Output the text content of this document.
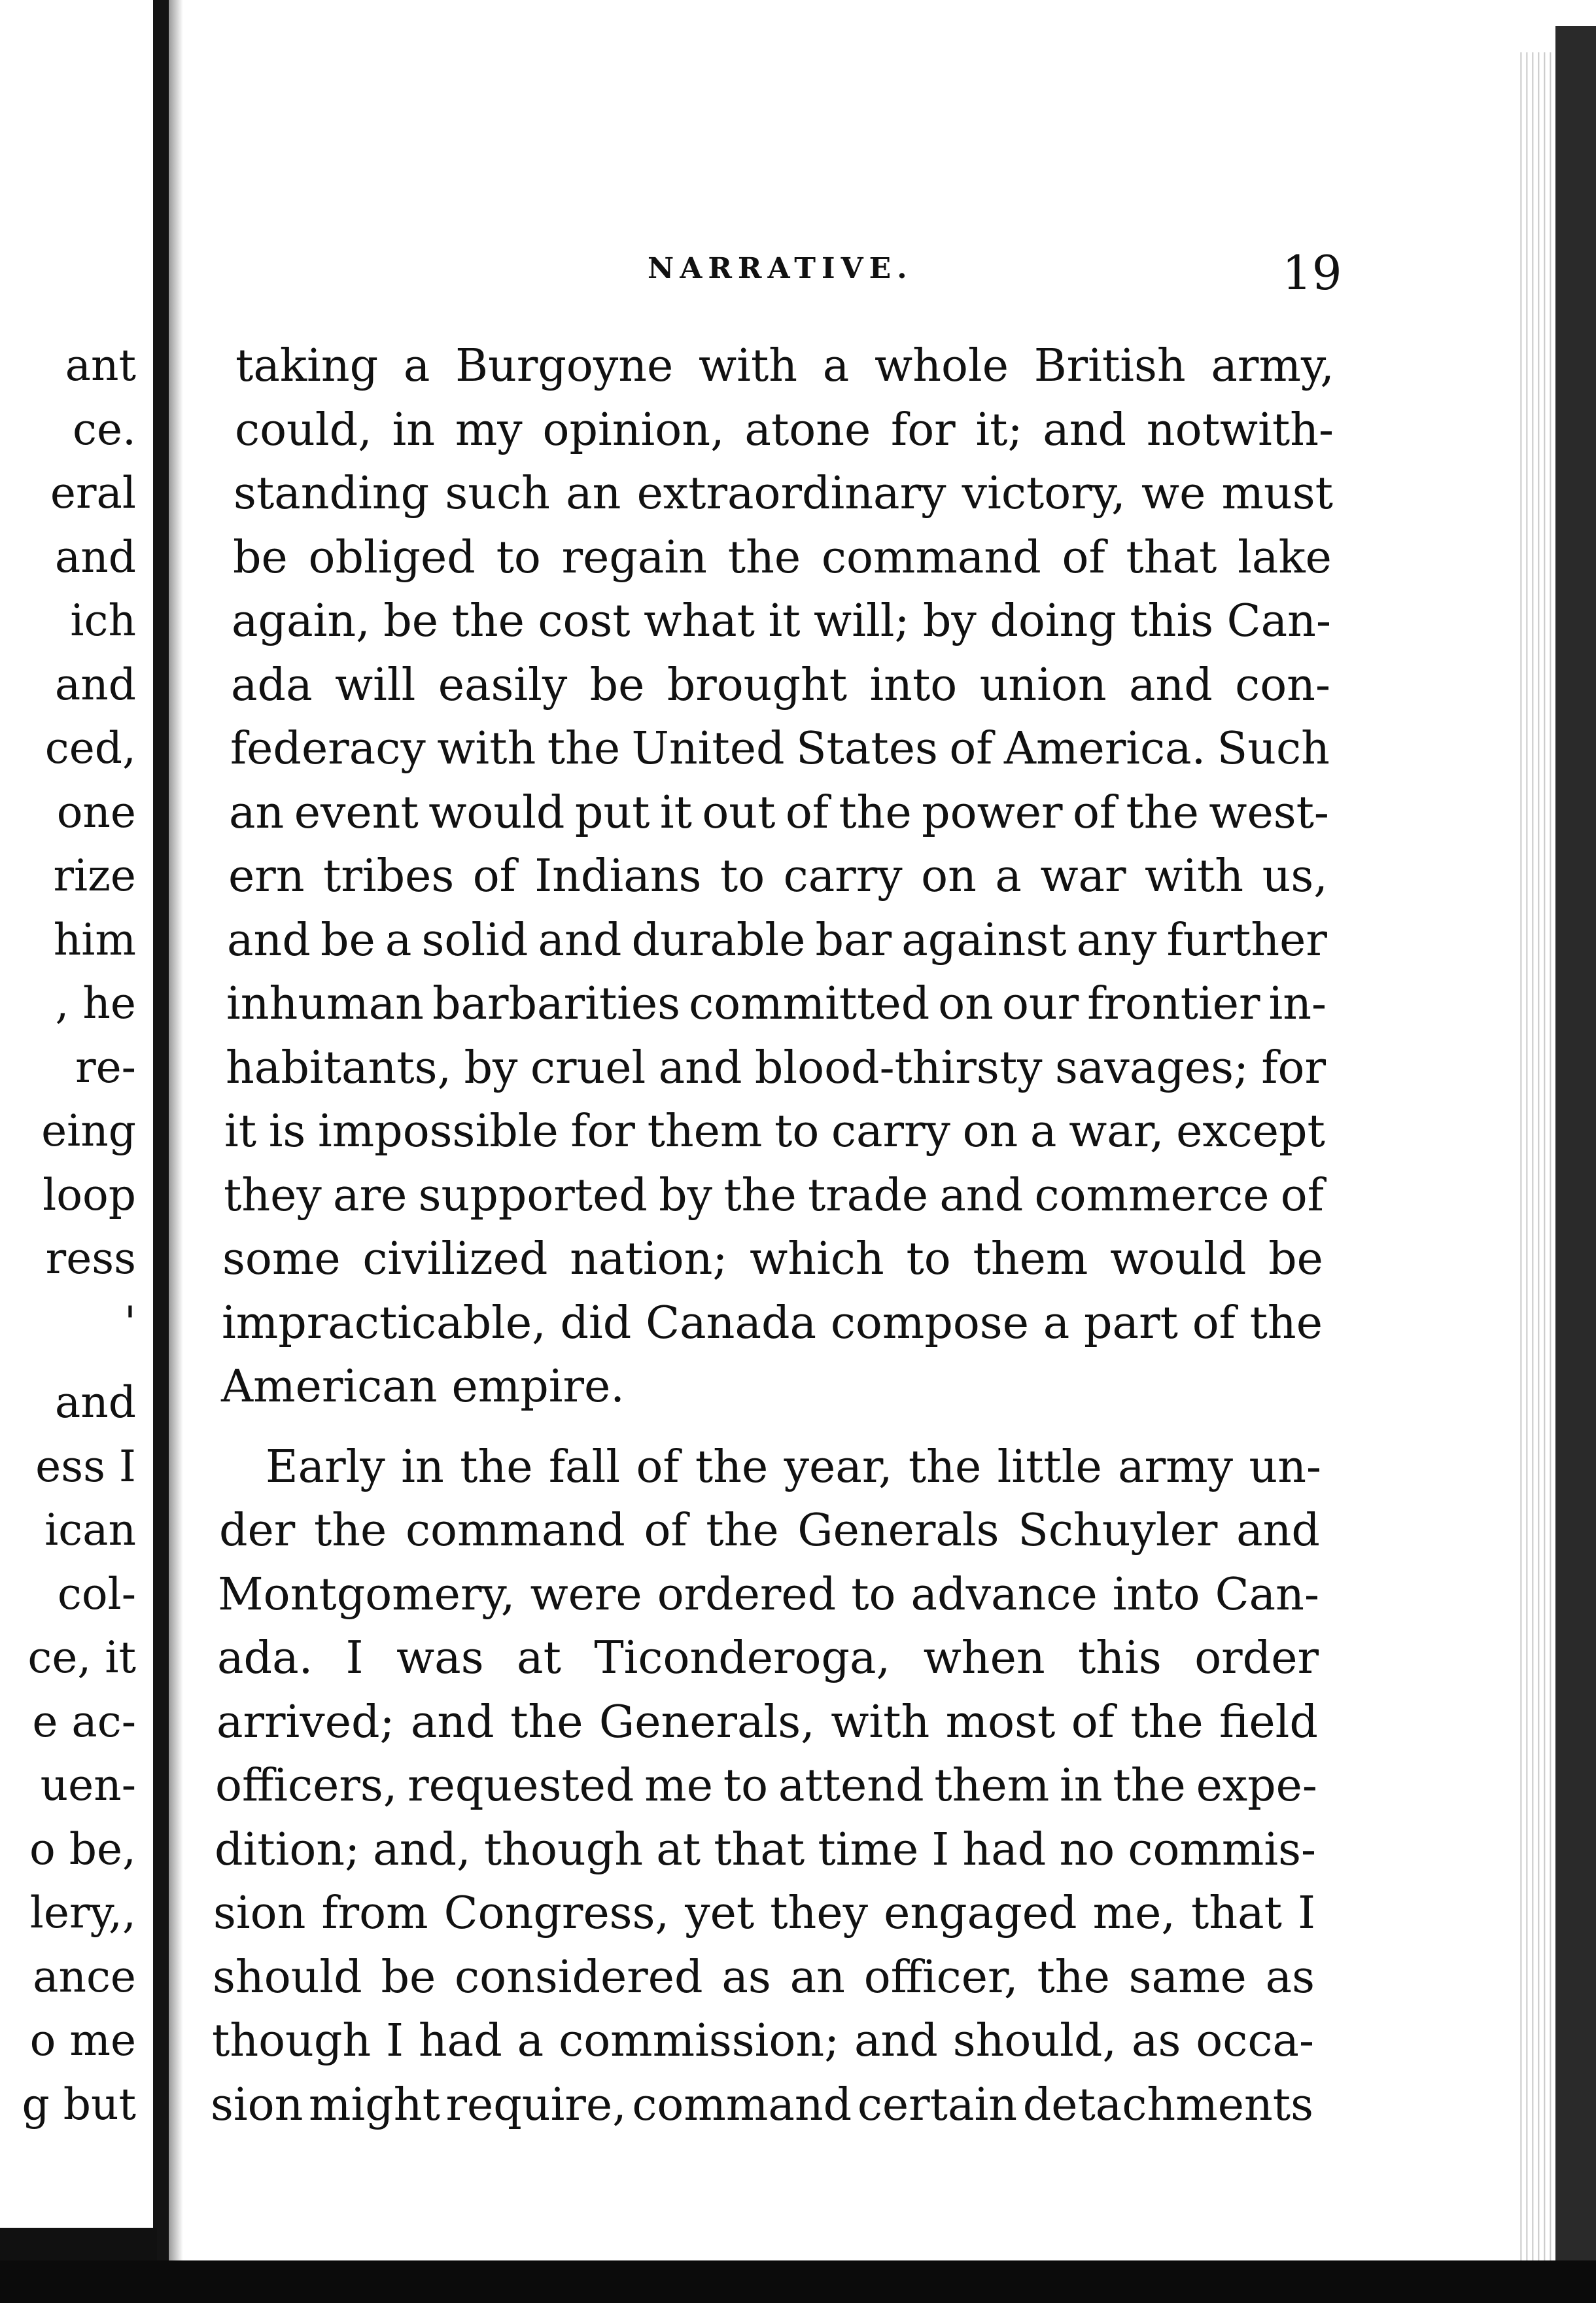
ant
ce.
eral
and
ich
and
ced,
one
rize
him
, he
re-
eing
loop
ress
'
and
ess I
ican
col-
ce, it
e ac-
uen-
o be,
lery,,
ance
o me
g but
NARRATIVE.	19
taking a Burgoyne with a whole British army,
could, in my opinion, atone for it; and notwith-
standing such an extraordinary victory, we must
be obliged to regain the command of that lake
again, be the cost what it will; by doing this Can-
ada will easily be brought into union and con-
federacy with the United States of America. Such
an event would put it out of the power of the west-
ern tribes of Indians to carry on a war with us,
and be a solid and durable bar against any further
inhuman barbarities committed on our frontier in-
habitants, by cruel and blood-thirsty savages; for
it is impossible for them to carry on a war, except
they are supported by the trade and commerce of
some civilized nation; which to them would be
impracticable, did Canada compose a part of the
American empire.
Early in the fall of the year, the little army un-
der the command of the Generals Schuyler and
Montgomery, were ordered to advance into Can-
ada. I was at Ticonderoga, when this order
arrived; and the Generals, with most of the field
officers, requested me to attend them in the expe-
dition; and, though at that time I had no commis-
sion from Congress, yet they engaged me, that I
should be considered as an officer, the same as
though I had a commission; and should, as occa-
sion might require, command certain detachments
